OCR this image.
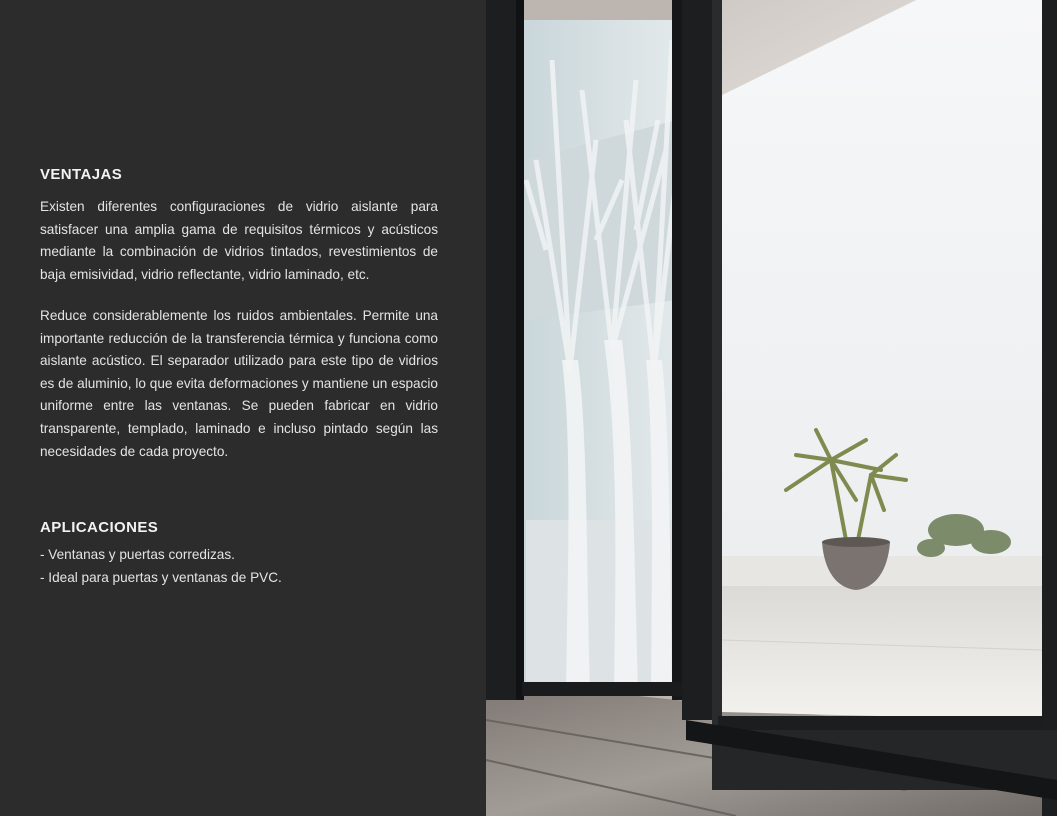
VENTAJAS

Existen diferentes configuraciones de vidrio aislante para satisfacer una amplia gama de requisitos térmicos y acústicos mediante la combinación de vidrios tintados, revestimientos de baja emisividad, vidrio reflectante, vidrio laminado, etc.

Reduce considerablemente los ruidos ambientales. Permite una importante reducción de la transferencia térmica y funciona como aislante acústico. El separador utilizado para este tipo de vidrios es de aluminio, lo que evita deformaciones y mantiene un espacio uniforme entre las ventanas. Se pueden fabricar en vidrio transparente, templado, laminado e incluso pintado según las necesidades de cada proyecto.

APLICACIONES

- Ventanas y puertas corredizas.

- Ideal para puertas y ventanas de PVC.
